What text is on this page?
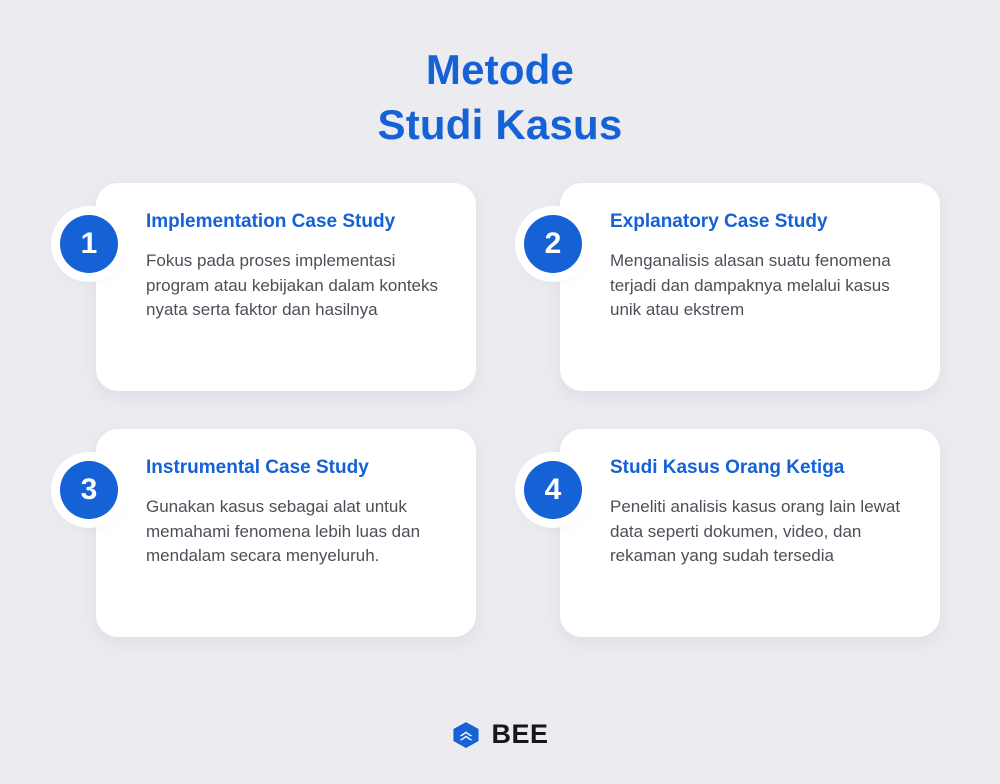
Metode
Studi Kasus
1

Implementation Case Study

Fokus pada proses implementasi program atau kebijakan dalam konteks nyata serta faktor dan hasilnya

2

Explanatory Case Study

Menganalisis alasan suatu fenomena terjadi dan dampaknya melalui kasus unik atau ekstrem

3

Instrumental Case Study

Gunakan kasus sebagai alat untuk memahami fenomena lebih luas dan mendalam secara menyeluruh.

4

Studi Kasus Orang Ketiga

Peneliti analisis kasus orang lain lewat data seperti dokumen, video, dan rekaman yang sudah tersedia

BEE
